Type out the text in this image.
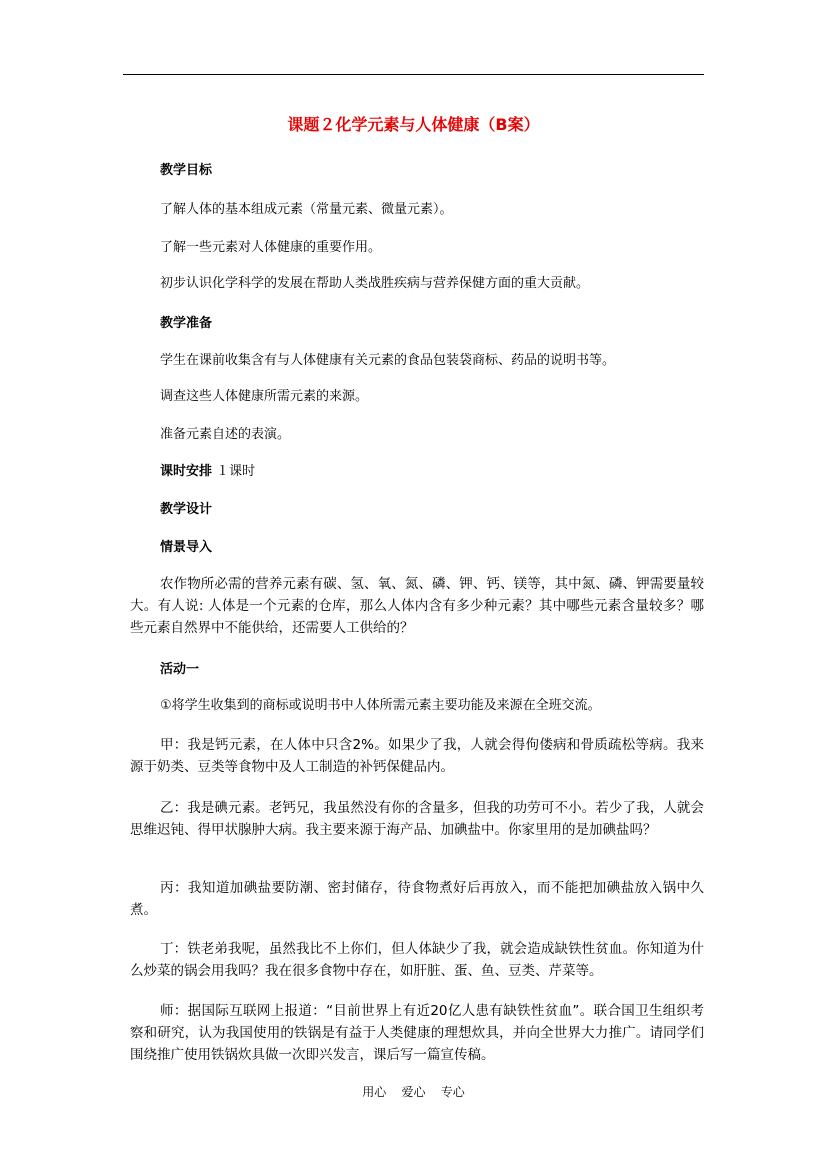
课题２化学元素与人体健康（B案）
教学目标
了解人体的基本组成元素（常量元素、微量元素）。
了解一些元素对人体健康的重要作用。
初步认识化学科学的发展在帮助人类战胜疾病与营养保健方面的重大贡献。
教学准备
学生在课前收集含有与人体健康有关元素的食品包装袋商标、药品的说明书等。
调查这些人体健康所需元素的来源。
准备元素自述的表演。
课时安排 １课时
教学设计
情景导入
农作物所必需的营养元素有碳、氢、氧、氮、磷、钾、钙、镁等，其中氮、磷、钾需要量较大。有人说: 人体是一个元素的仓库，那么人体内含有多少种元素？其中哪些元素含量较多？哪些元素自然界中不能供给，还需要人工供给的？
活动一
①将学生收集到的商标或说明书中人体所需元素主要功能及来源在全班交流。
甲：我是钙元素，在人体中只含2%。如果少了我，人就会得佝偻病和骨质疏松等病。我来源于奶类、豆类等食物中及人工制造的补钙保健品内。
乙：我是碘元素。老钙兄，我虽然没有你的含量多，但我的功劳可不小。若少了我，人就会思维迟钝、得甲状腺肿大病。我主要来源于海产品、加碘盐中。你家里用的是加碘盐吗？
丙：我知道加碘盐要防潮、密封储存，待食物煮好后再放入，而不能把加碘盐放入锅中久煮。
丁：铁老弟我呢，虽然我比不上你们，但人体缺少了我，就会造成缺铁性贫血。你知道为什么炒菜的锅会用我吗？我在很多食物中存在，如肝脏、蛋、鱼、豆类、芹菜等。
师：据国际互联网上报道：“目前世界上有近20亿人患有缺铁性贫血”。联合国卫生组织考察和研究，认为我国使用的铁锅是有益于人类健康的理想炊具，并向全世界大力推广。请同学们围绕推广使用铁锅炊具做一次即兴发言，课后写一篇宣传稿。
用心    爱心    专心
